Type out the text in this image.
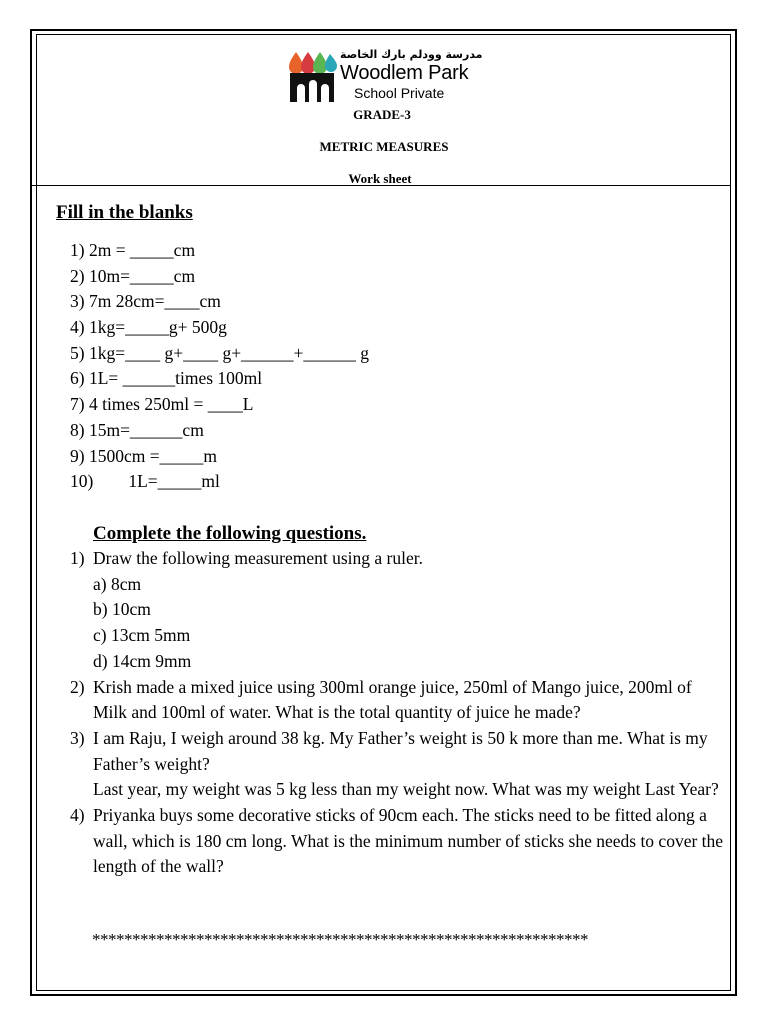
مدرسة وودلم بارك الخاصة
Woodlem Park
School Private
GRADE-3
METRIC MEASURES
Work sheet
Fill in the blanks
1) 2m = _____cm
2) 10m=_____cm
3) 7m 28cm=____cm
4) 1kg=_____g+ 500g
5) 1kg=____ g+____ g+______+______ g
6) 1L= ______times 100ml
7) 4 times 250ml = ____L
8) 15m=______cm
9) 1500cm =_____m
10)        1L=_____ml
Complete the following questions.
1) Draw the following measurement using a ruler.
a) 8cm
b) 10cm
c) 13cm 5mm
d) 14cm 9mm
2) Krish made a mixed juice using 300ml orange juice, 250ml of Mango juice, 200ml of Milk and 100ml of water. What is the total quantity of juice he made?
3) I am Raju, I weigh around 38 kg. My Father’s weight is 50 k more than me. What is my Father’s weight?
Last year, my weight was 5 kg less than my weight now. What was my weight Last Year?
4) Priyanka buys some decorative sticks of 90cm each. The sticks need to be fitted along a wall, which is 180 cm long. What is the minimum number of sticks she needs to cover the length of the wall?
**************************************************************
